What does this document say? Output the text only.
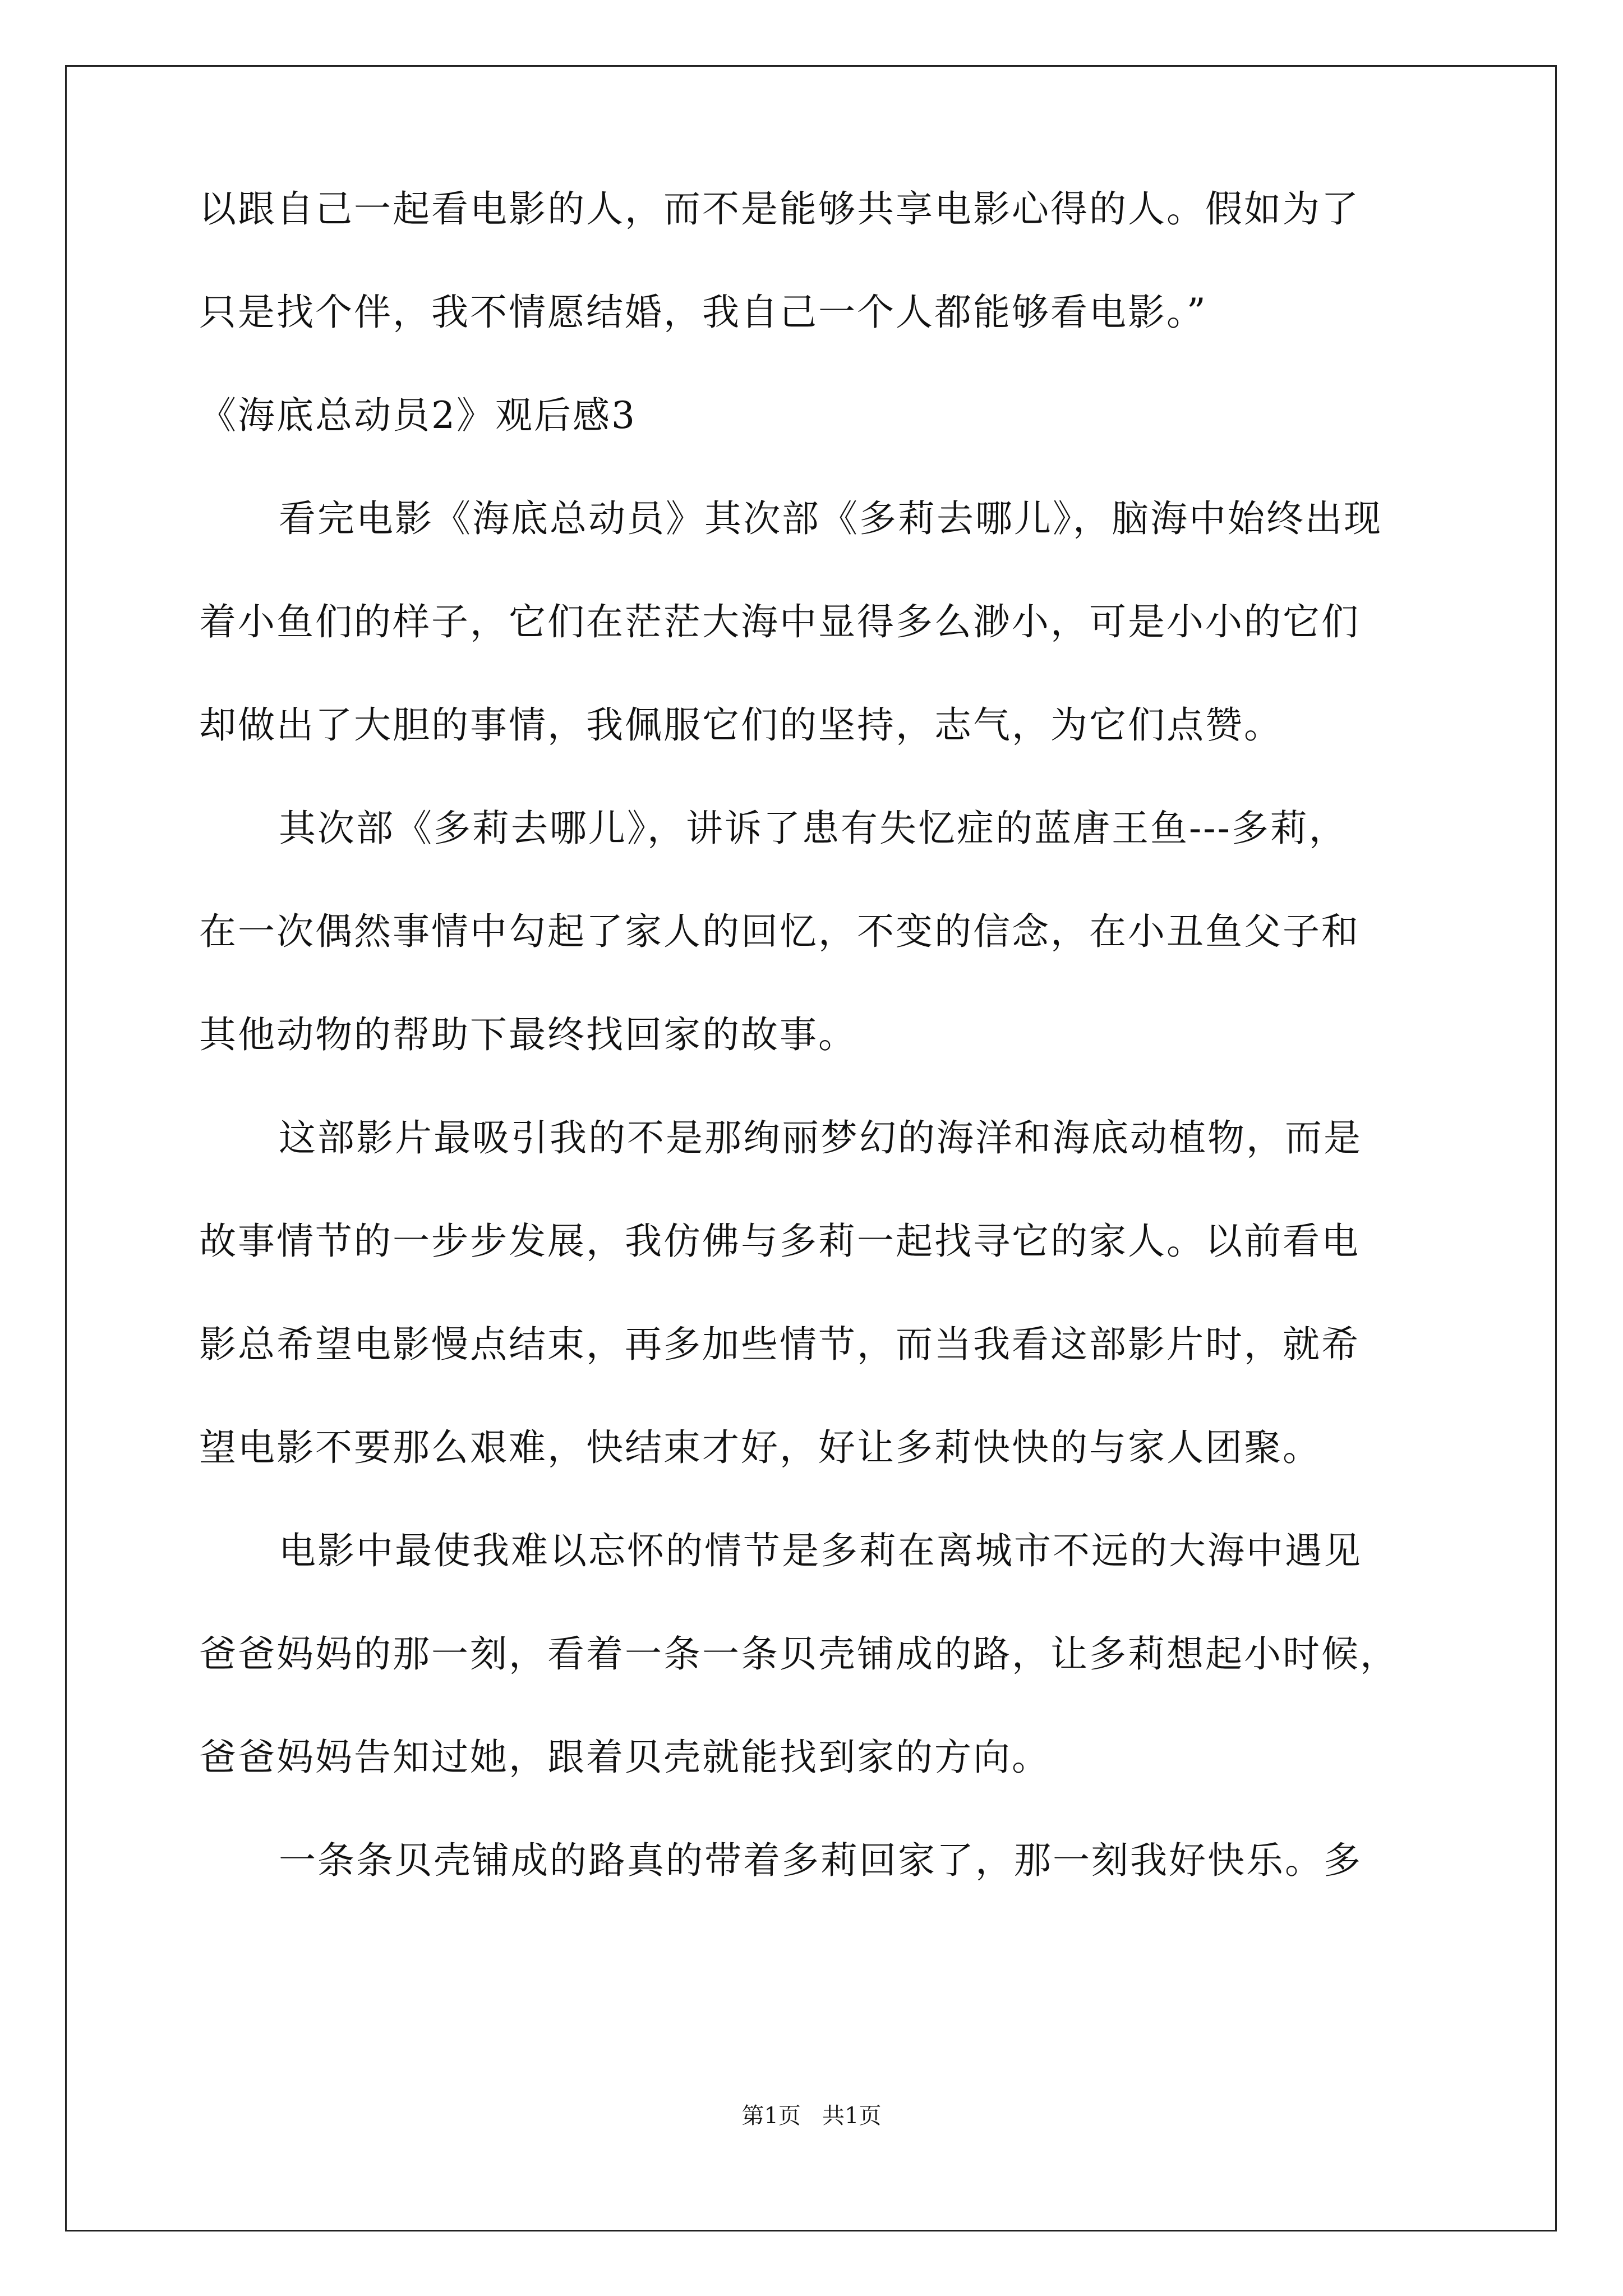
以跟自己一起看电影的人，而不是能够共享电影心得的人。假如为了
只是找个伴，我不情愿结婚，我自己一个人都能够看电影。”
《海底总动员2》观后感3
看完电影《海底总动员》其次部《多莉去哪儿》，脑海中始终出现
着小鱼们的样子，它们在茫茫大海中显得多么渺小，可是小小的它们
却做出了大胆的事情，我佩服它们的坚持，志气，为它们点赞。
其次部《多莉去哪儿》，讲诉了患有失忆症的蓝唐王鱼---多莉，
在一次偶然事情中勾起了家人的回忆，不变的信念，在小丑鱼父子和
其他动物的帮助下最终找回家的故事。
这部影片最吸引我的不是那绚丽梦幻的海洋和海底动植物，而是
故事情节的一步步发展，我仿佛与多莉一起找寻它的家人。以前看电
影总希望电影慢点结束，再多加些情节，而当我看这部影片时，就希
望电影不要那么艰难，快结束才好，好让多莉快快的与家人团聚。
电影中最使我难以忘怀的情节是多莉在离城市不远的大海中遇见
爸爸妈妈的那一刻，看着一条一条贝壳铺成的路，让多莉想起小时候，
爸爸妈妈告知过她，跟着贝壳就能找到家的方向。
一条条贝壳铺成的路真的带着多莉回家了，那一刻我好快乐。多
第1页   共1页
